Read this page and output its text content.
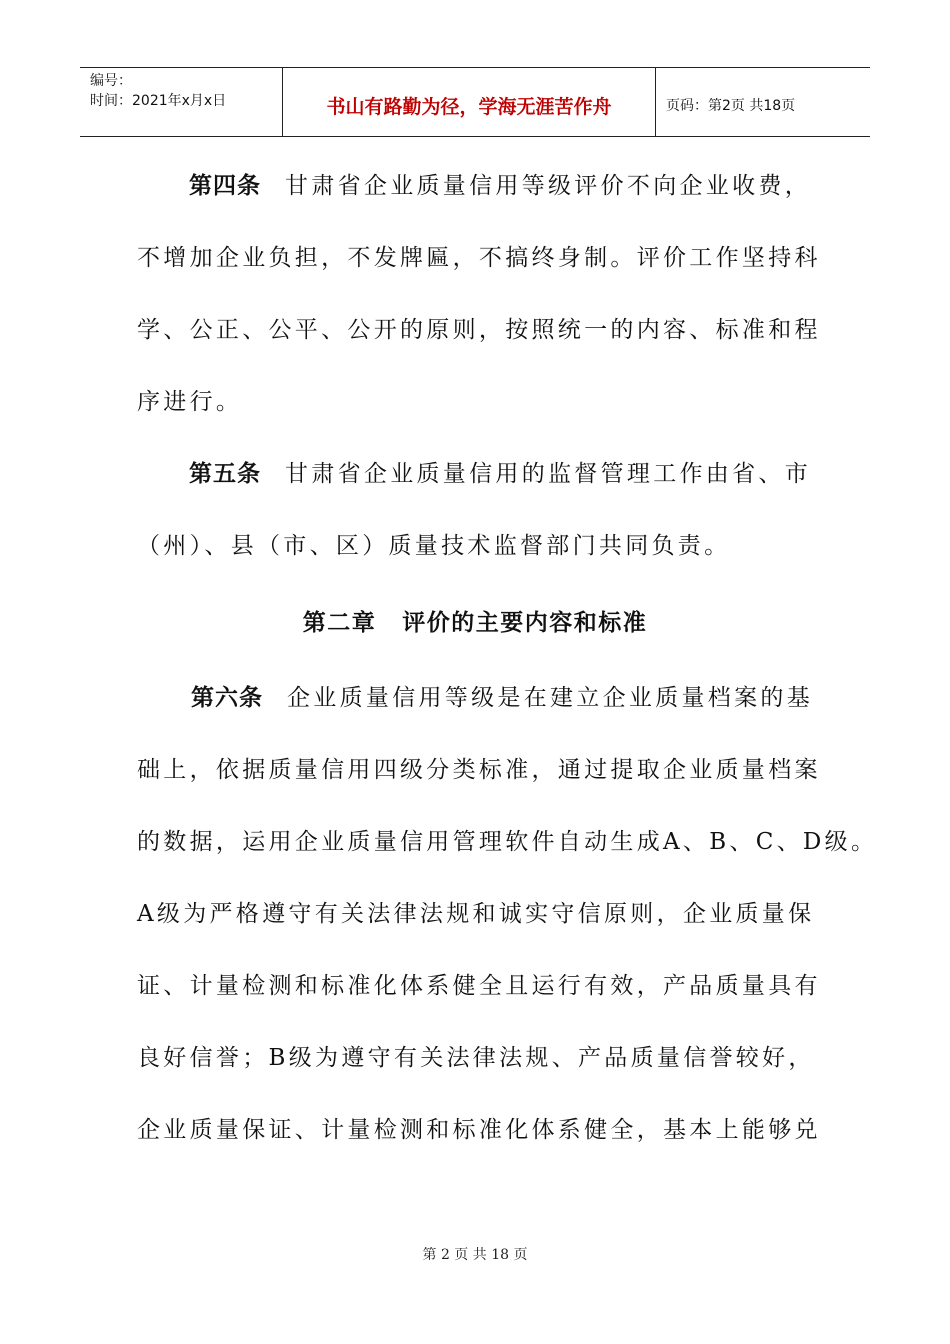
编号：
时间：2021年x月x日	书山有路勤为径，学海无涯苦作舟	页码：第2页 共18页
第四条 甘肃省企业质量信用等级评价不向企业收费，
不增加企业负担，不发牌匾，不搞终身制。评价工作坚持科
学、公正、公平、公开的原则，按照统一的内容、标准和程
序进行。
第五条 甘肃省企业质量信用的监督管理工作由省、市
（州）、县（市、区）质量技术监督部门共同负责。
第二章 评价的主要内容和标准
第六条 企业质量信用等级是在建立企业质量档案的基
础上，依据质量信用四级分类标准，通过提取企业质量档案
的数据，运用企业质量信用管理软件自动生成A、B、C、D级。
A级为严格遵守有关法律法规和诚实守信原则，企业质量保
证、计量检测和标准化体系健全且运行有效，产品质量具有
良好信誉；B级为遵守有关法律法规、产品质量信誉较好，
企业质量保证、计量检测和标准化体系健全，基本上能够兑
第 2 页 共 18 页
